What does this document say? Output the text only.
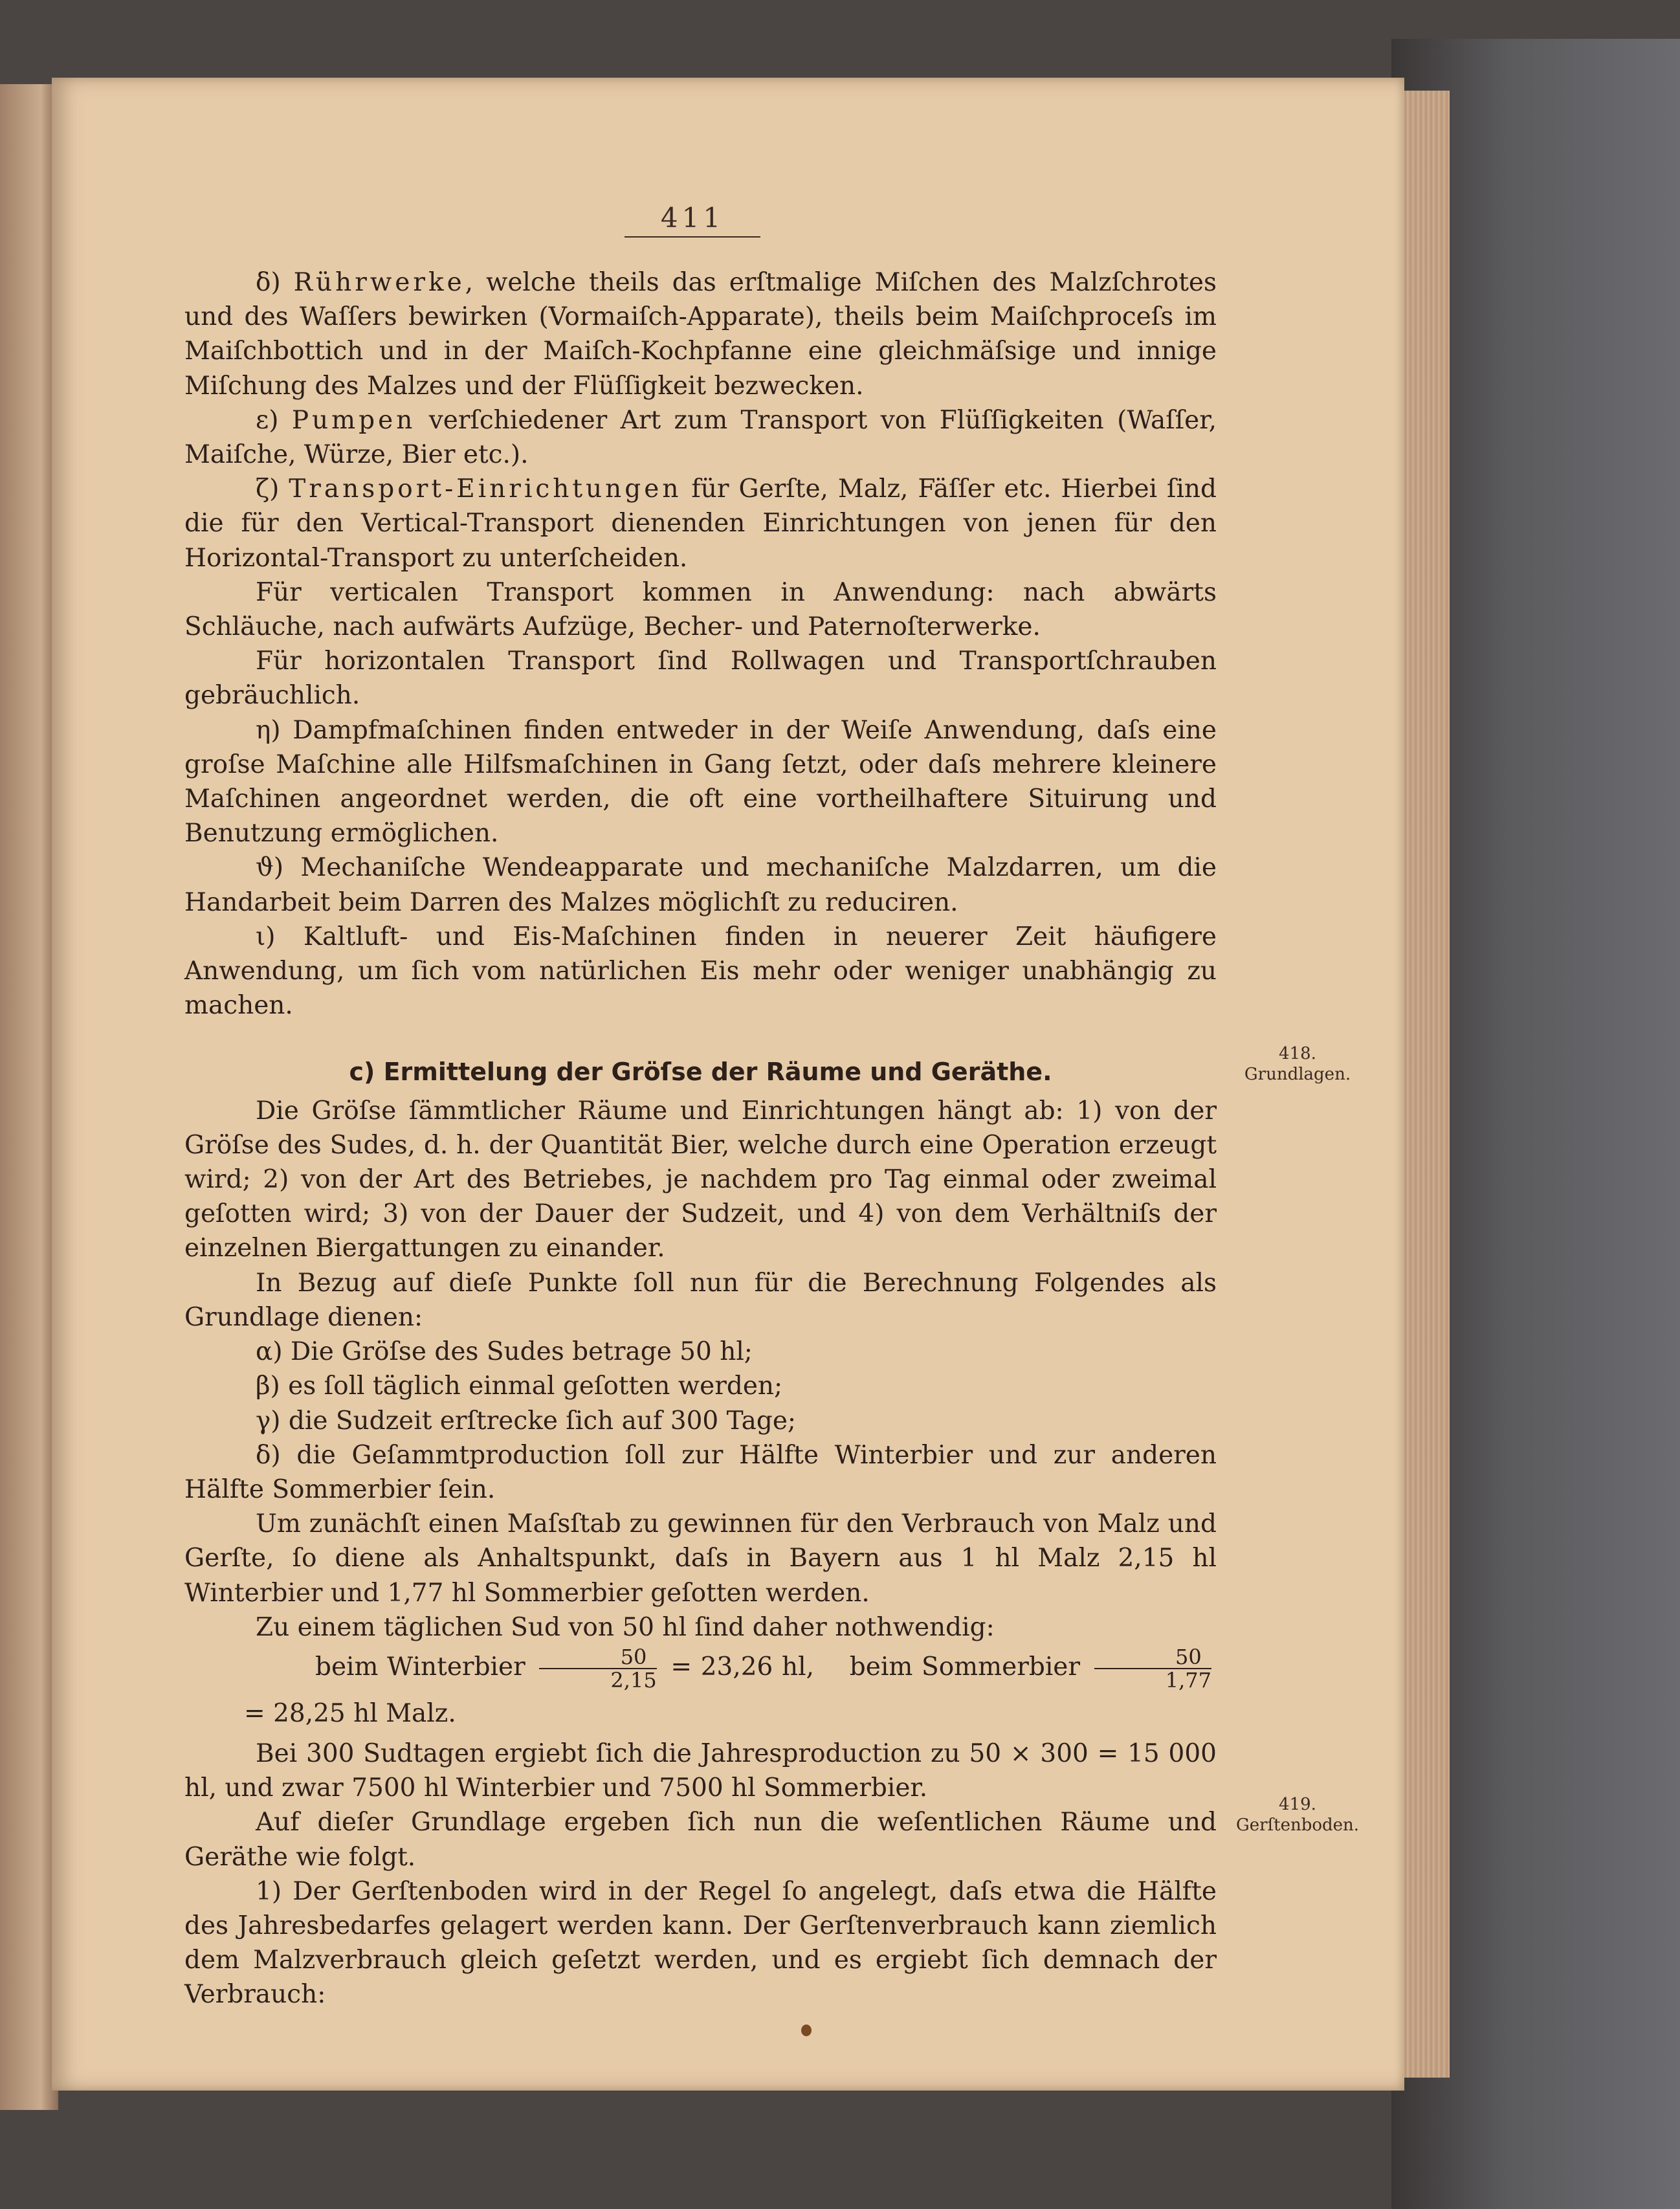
411

δ) Rührwerke, welche theils das erſtmalige Miſchen des Malzſchrotes und des Waſſers bewirken (Vormaiſch-Apparate), theils beim Maiſchproceſs im Maiſchbottich und in der Maiſch-Kochpfanne eine gleichmäſsige und innige Miſchung des Malzes und der Flüſſigkeit bezwecken.

ε) Pumpen verſchiedener Art zum Transport von Flüſſigkeiten (Waſſer, Maiſche, Würze, Bier etc.).

ζ) Transport-Einrichtungen für Gerſte, Malz, Fäſſer etc. Hierbei ſind die für den Vertical-Transport dienenden Einrichtungen von jenen für den Horizontal-Transport zu unterſcheiden.

Für verticalen Transport kommen in Anwendung: nach abwärts Schläuche, nach aufwärts Aufzüge, Becher- und Paternoſterwerke.

Für horizontalen Transport ſind Rollwagen und Transportſchrauben gebräuchlich.

η) Dampfmaſchinen finden entweder in der Weiſe Anwendung, daſs eine groſse Maſchine alle Hilfsmaſchinen in Gang ſetzt, oder daſs mehrere kleinere Maſchinen angeordnet werden, die oft eine vortheilhaftere Situirung und Benutzung ermöglichen.

ϑ) Mechaniſche Wendeapparate und mechaniſche Malzdarren, um die Handarbeit beim Darren des Malzes möglichſt zu reduciren.

ι) Kaltluft- und Eis-Maſchinen finden in neuerer Zeit häufigere Anwendung, um ſich vom natürlichen Eis mehr oder weniger unabhängig zu machen.

c) Ermittelung der Gröſse der Räume und Geräthe.

Die Gröſse ſämmtlicher Räume und Einrichtungen hängt ab: 1) von der Gröſse des Sudes, d. h. der Quantität Bier, welche durch eine Operation erzeugt wird; 2) von der Art des Betriebes, je nachdem pro Tag einmal oder zweimal geſotten wird; 3) von der Dauer der Sudzeit, und 4) von dem Verhältniſs der einzelnen Biergattungen zu einander.

In Bezug auf dieſe Punkte ſoll nun für die Berechnung Folgendes als Grundlage dienen:

α) Die Gröſse des Sudes betrage 50 hl;

β) es ſoll täglich einmal geſotten werden;

γ) die Sudzeit erſtrecke ſich auf 300 Tage;

δ) die Geſammtproduction ſoll zur Hälfte Winterbier und zur anderen Hälfte Sommerbier ſein.

Um zunächſt einen Maſsſtab zu gewinnen für den Verbrauch von Malz und Gerſte, ſo diene als Anhaltspunkt, daſs in Bayern aus 1 hl Malz 2,15 hl Winterbier und 1,77 hl Sommerbier geſotten werden.

Zu einem täglichen Sud von 50 hl ſind daher nothwendig:

beim Winterbier $\frac{50}{2,15} = 23,26$ hl, beim Sommerbier $\frac{50}{1,77}$
= 28,25 hl Malz.

Bei 300 Sudtagen ergiebt ſich die Jahresproduction zu 50 × 300 = 15 000 hl, und zwar 7500 hl Winterbier und 7500 hl Sommerbier.

Auf dieſer Grundlage ergeben ſich nun die weſentlichen Räume und Geräthe wie folgt.

1) Der Gerſtenboden wird in der Regel ſo angelegt, daſs etwa die Hälfte des Jahresbedarfes gelagert werden kann. Der Gerſtenverbrauch kann ziemlich dem Malzverbrauch gleich geſetzt werden, und es ergiebt ſich demnach der Verbrauch:

418.
Grundlagen.
419.
Gerſtenboden.
